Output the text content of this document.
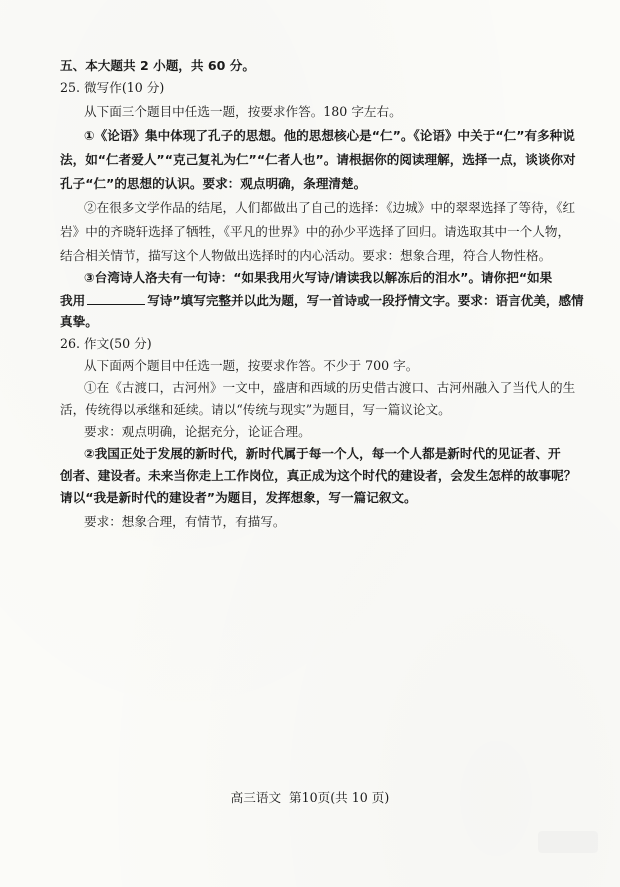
五、本大题共 2 小题，共 60 分。
25. 微写作(10 分)
从下面三个题目中任选一题，按要求作答。180 字左右。
①《论语》集中体现了孔子的思想。他的思想核心是“仁”。《论语》中关于“仁”有多种说
法，如“仁者爱人”“克己复礼为仁”“仁者人也”。请根据你的阅读理解，选择一点，谈谈你对
孔子“仁”的思想的认识。要求：观点明确，条理清楚。
②在很多文学作品的结尾，人们都做出了自己的选择：《边城》中的翠翠选择了等待，《红
岩》中的齐晓轩选择了牺牲，《平凡的世界》中的孙少平选择了回归。请选取其中一个人物，
结合相关情节，描写这个人物做出选择时的内心活动。要求：想象合理，符合人物性格。
③台湾诗人洛夫有一句诗：“如果我用火写诗/请读我以解冻后的泪水”。请你把“如果
我用	写诗”填写完整并以此为题，写一首诗或一段抒情文字。要求：语言优美，感情
真挚。
26. 作文(50 分)
从下面两个题目中任选一题，按要求作答。不少于 700 字。
①在《古渡口，古河州》一文中，盛唐和西域的历史借古渡口、古河州融入了当代人的生
活，传统得以承继和延续。请以“传统与现实”为题目，写一篇议论文。
要求：观点明确，论据充分，论证合理。
②我国正处于发展的新时代，新时代属于每一个人，每一个人都是新时代的见证者、开
创者、建设者。未来当你走上工作岗位，真正成为这个时代的建设者，会发生怎样的故事呢？
请以“我是新时代的建设者”为题目，发挥想象，写一篇记叙文。
要求：想象合理，有情节，有描写。
高三语文 第10页(共 10 页)
